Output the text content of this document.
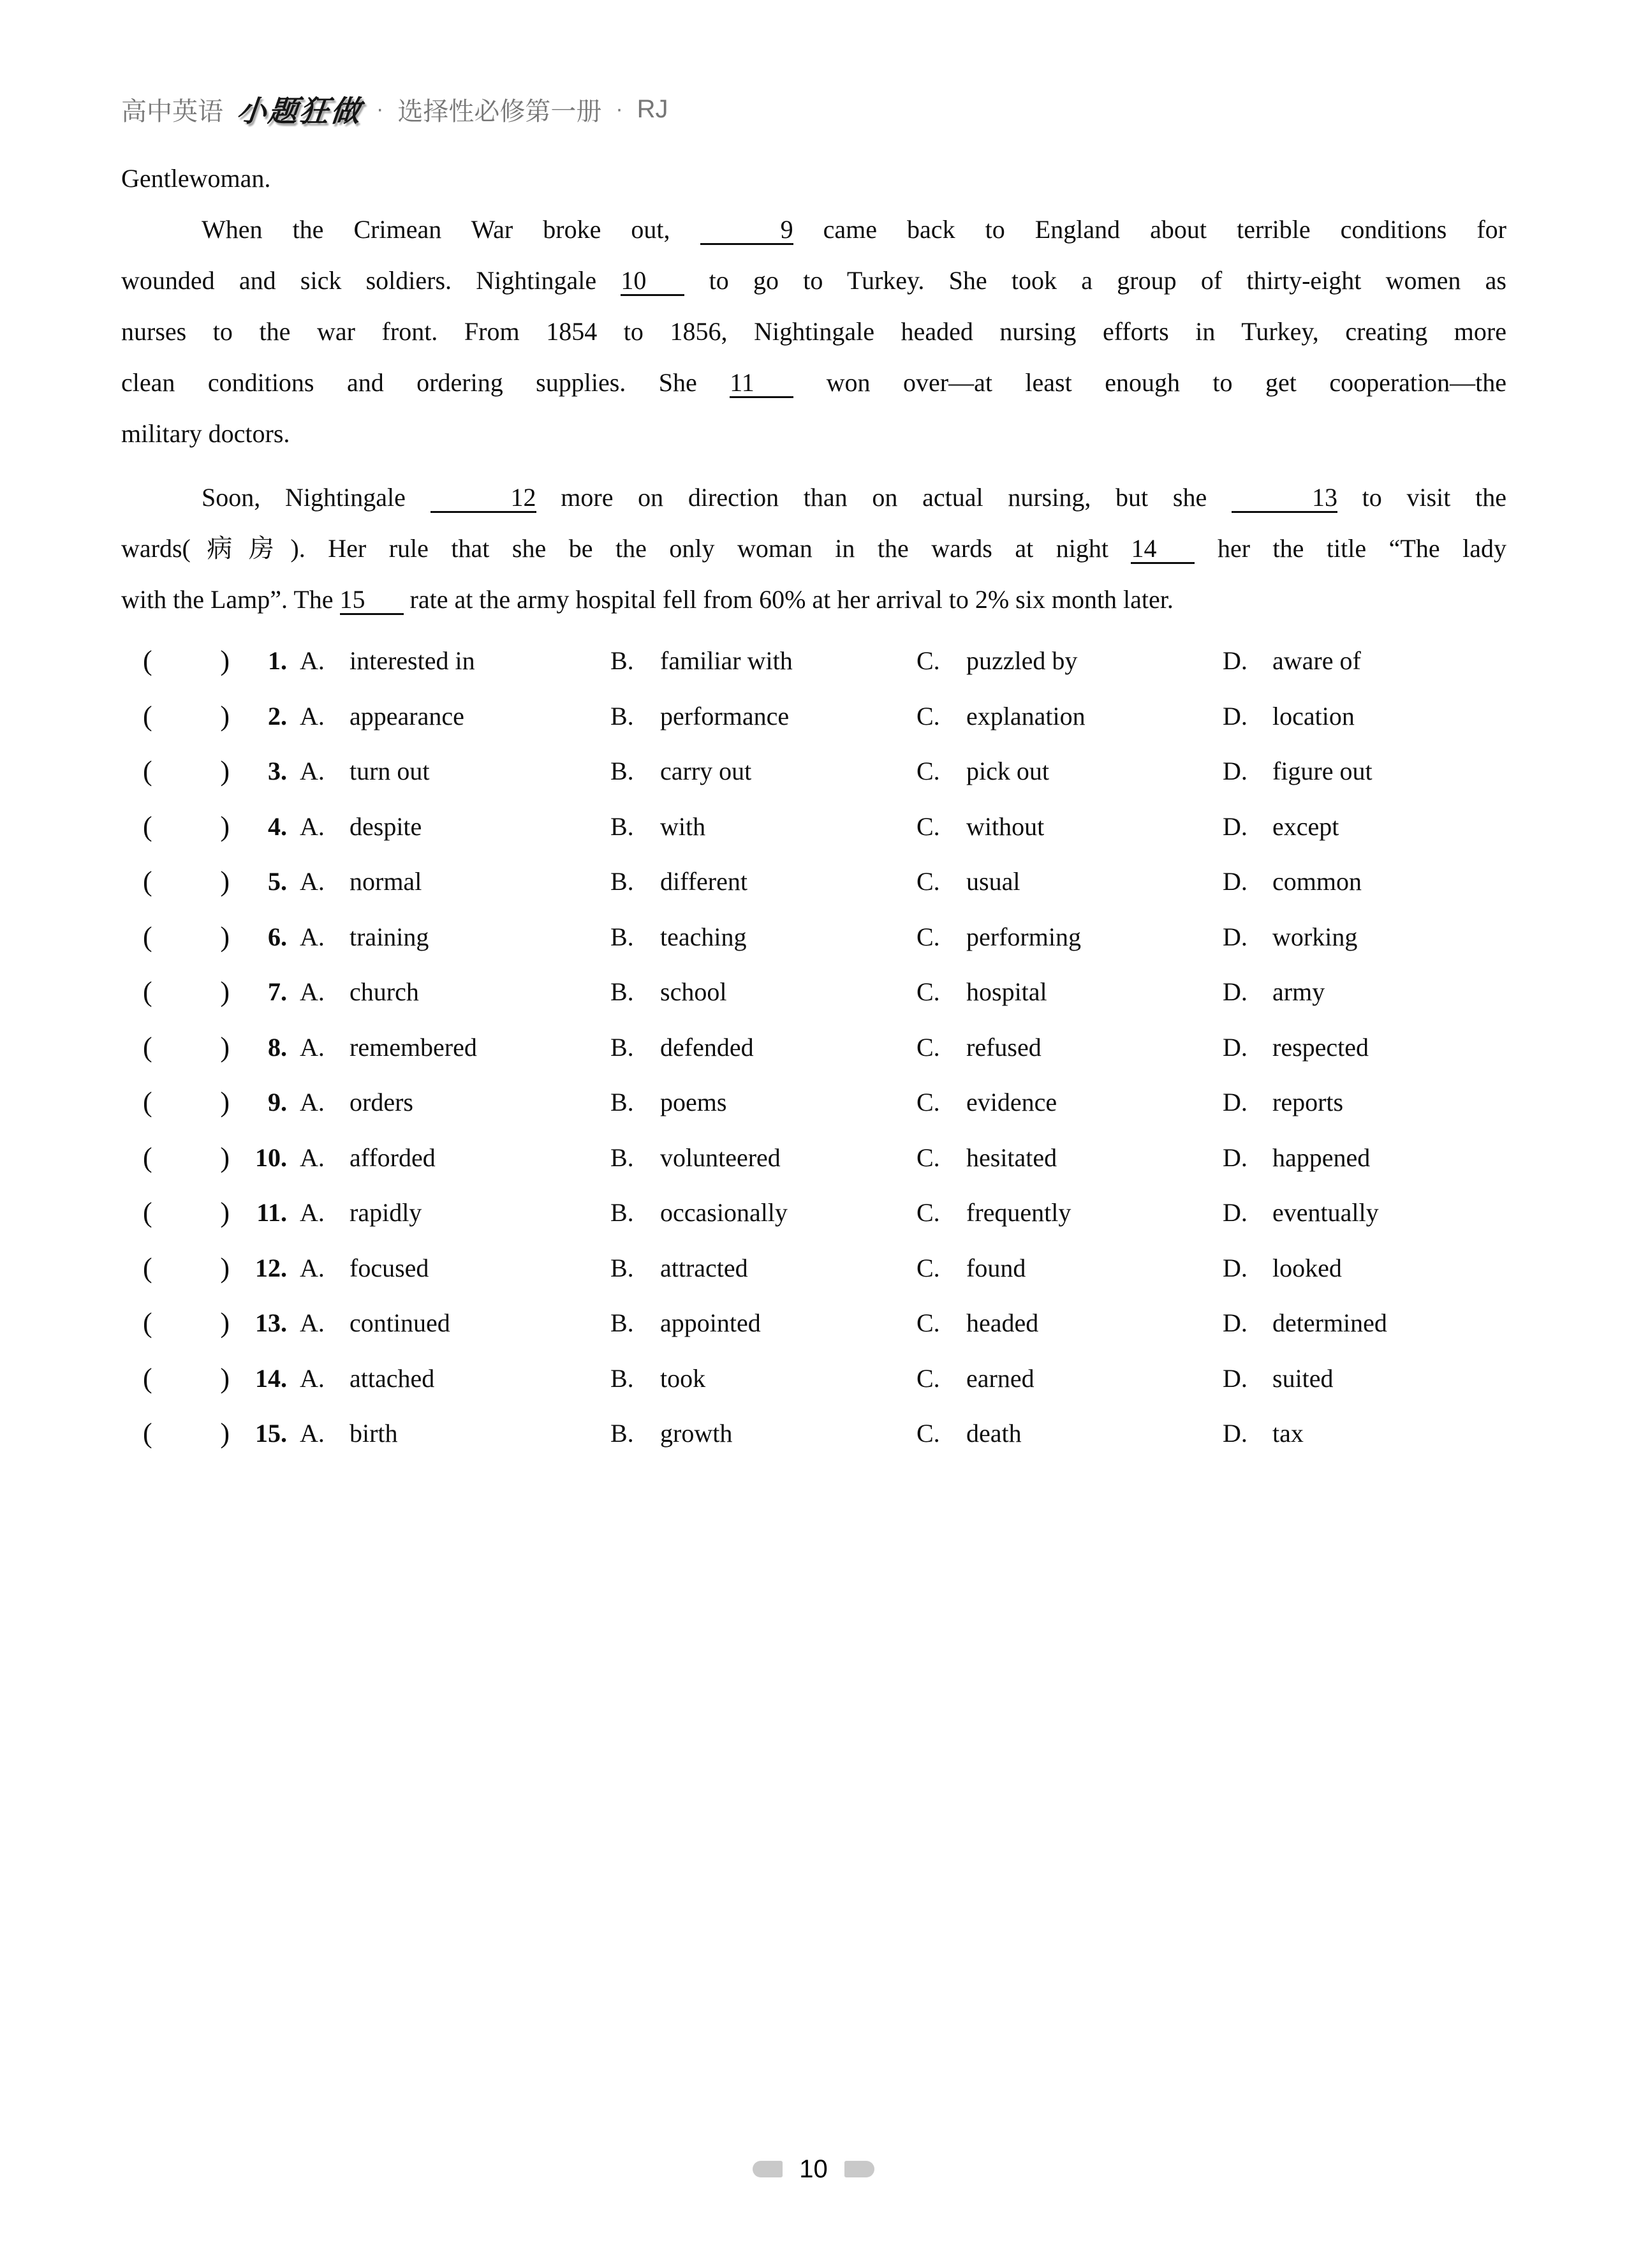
高中英语 小题狂做 · 选择性必修第一册 · RJ
Gentlewoman.
When the Crimean War broke out,	9 came back to England about terrible conditions for
wounded and sick soldiers. Nightingale 10 to go to Turkey. She took a group of thirty-eight women as
nurses to the war front. From 1854 to 1856, Nightingale headed nursing efforts in Turkey, creating more
clean conditions and ordering supplies. She 11 won over—at least enough to get cooperation—the
military doctors.
Soon, Nightingale	12 more on direction than on actual nursing, but she	13 to visit the
wards(病房). Her rule that she be the only woman in the wards at night 14 her the title “The lady
with the Lamp”. The 15 rate at the army hospital fell from 60% at her arrival to 2% six month later.
( )	1. A. interested in	B. familiar with	C. puzzled by	D. aware of
( )	2. A. appearance	B. performance	C. explanation	D. location
( )	3. A. turn out	B. carry out	C. pick out	D. figure out
( )	4. A. despite	B. with	C. without	D. except
( )	5. A. normal	B. different	C. usual	D. common
( )	6. A. training	B. teaching	C. performing	D. working
( )	7. A. church	B. school	C. hospital	D. army
( )	8. A. remembered	B. defended	C. refused	D. respected
( )	9. A. orders	B. poems	C. evidence	D. reports
( )	10. A. afforded	B. volunteered	C. hesitated	D. happened
( )	11. A. rapidly	B. occasionally	C. frequently	D. eventually
( )	12. A. focused	B. attracted	C. found	D. looked
( )	13. A. continued	B. appointed	C. headed	D. determined
( )	14. A. attached	B. took	C. earned	D. suited
( )	15. A. birth	B. growth	C. death	D. tax
10
